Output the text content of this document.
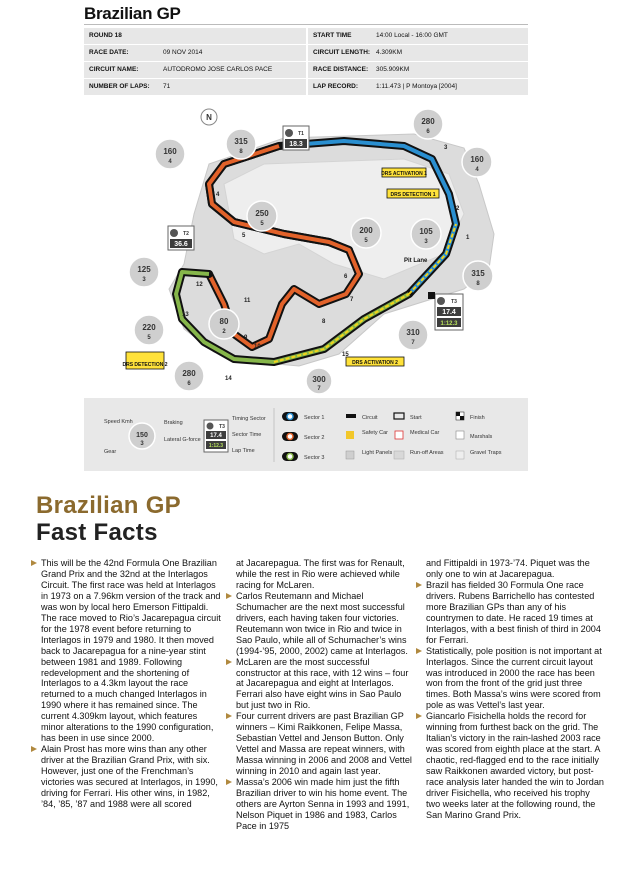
Brazilian GP
ROUND 18	START TIME	14:00 Local - 16:00 GMT
RACE DATE:	09 NOV 2014	CIRCUIT LENGTH: 4.309KM
CIRCUIT NAME:	AUTODROMO JOSE CARLOS PACE	RACE DISTANCE:	305.909KM
NUMBER OF LAPS:	71	LAP RECORD:	1:11.473 | P Montoya [2004]
N
315
8
160
4
280
6
160
4
250
5
200
5
105
3
125
3
315
8
220
5
80
2	310
7
280
6	300
7
T1
18.3
T2
36.6
T3
17.4
1:12.3
DRS ACTIVATION 1
DRS DETECTION 1
DRS DETECTION 2	DRS ACTIVATION 2
Pit Lane
1
2
3
4
5
6
7
8
9
10
11
12
13
14
15
Speed Kmh
Gear
150
3
Braking
Lateral G-force
T3
17.4
1:12.3
Timing Sector
Sector Time
Lap Time
Sector 1
Sector 2
Sector 3
Circuit
Safety Car
Light Panels
Start
Medical Car
Run-off Areas
Finish
Marshals
Gravel Traps
Brazilian GP
Fast Facts

This will be the 42nd Formula One Brazilian Grand Prix and the 32nd at the Interlagos Circuit. The first race was held at Interlagos in 1973 on a 7.96km version of the track and was won by local hero Emerson Fittipaldi. The race moved to Rio’s Jacarepagua circuit for the 1978 event before returning to Interlagos in 1979 and 1980. It then moved back to Jacarepagua for a nine-year stint between 1981 and 1989. Following redevelopment and the shortening of Interlagos to a 4.3km layout the race returned to a much changed Interlagos in 1990 where it has remained since. The current 4.309km layout, which features minor alterations to the 1990 configuration, has been in use since 2000.

Alain Prost has more wins than any other driver at the Brazilian Grand Prix, with six. However, just one of the Frenchman’s victories was secured at Interlagos, in 1990, driving for Ferrari. His other wins, in 1982, ’84, ’85, ’87 and 1988 were all scored

at Jacarepagua. The first was for Renault, while the rest in Rio were achieved while racing for McLaren.

Carlos Reutemann and Michael Schumacher are the next most successful drivers, each having taken four victories. Reutemann won twice in Rio and twice in Sao Paulo, while all of Schumacher’s wins (1994-’95, 2000, 2002) came at Interlagos.

McLaren are the most successful constructor at this race, with 12 wins – four at Jacarepagua and eight at Interlagos. Ferrari also have eight wins in Sao Paulo but just two in Rio.

Four current drivers are past Brazilian GP winners – Kimi Raikkonen, Felipe Massa, Sebastian Vettel and Jenson Button. Only Vettel and Massa are repeat winners, with Massa winning in 2006 and 2008 and Vettel winning in 2010 and again last year.

Massa’s 2006 win made him just the fifth Brazilian driver to win his home event. The others are Ayrton Senna in 1993 and 1991, Nelson Piquet in 1986 and 1983, Carlos Pace in 1975

and Fittipaldi in 1973-’74. Piquet was the only one to win at Jacarepagua.

Brazil has fielded 30 Formula One race drivers. Rubens Barrichello has contested more Brazilian GPs than any of his countrymen to date. He raced 19 times at Interlagos, with a best finish of third in 2004 for Ferrari.

Statistically, pole position is not important at Interlagos. Since the current circuit layout was introduced in 2000 the race has been won from the front of the grid just three times. Both Massa’s wins were scored from pole as was Vettel’s last year.

Giancarlo Fisichella holds the record for winning from furthest back on the grid. The Italian’s victory in the rain-lashed 2003 race was scored from eighth place at the start. A chaotic, red-flagged end to the race initially saw Raikkonen awarded victory, but post-race analysis later handed the win to Jordan driver Fisichella, who received his trophy two weeks later at the following round, the San Marino Grand Prix.
